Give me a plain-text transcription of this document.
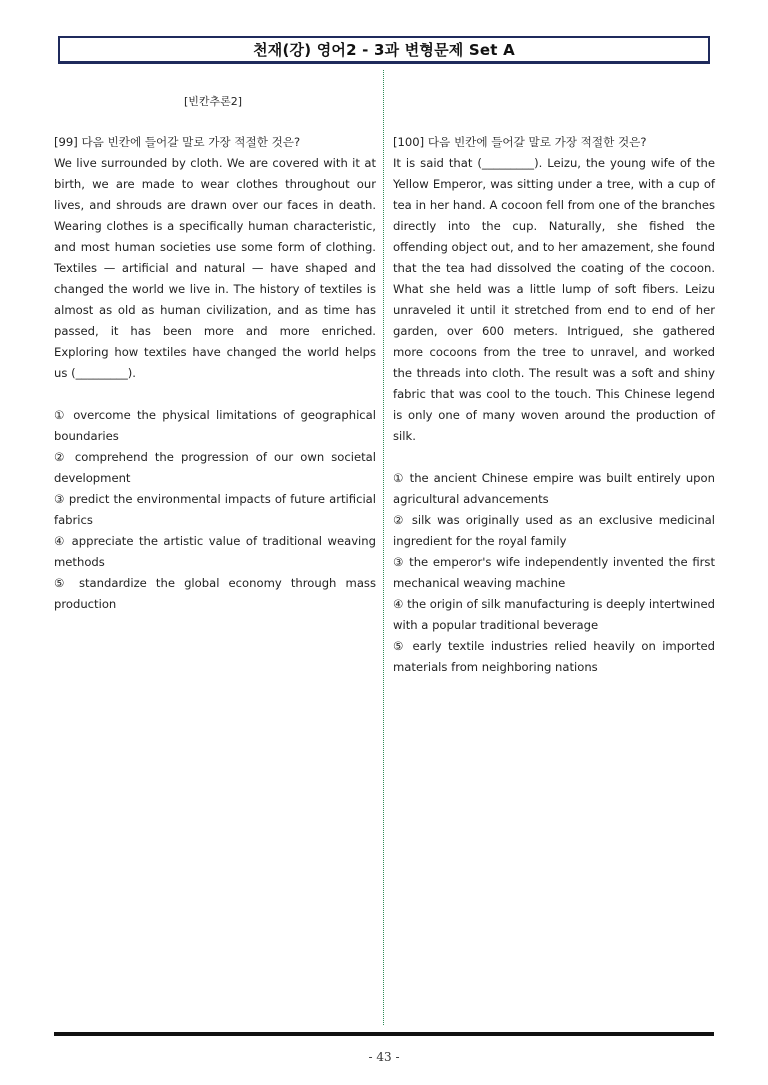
천재(강) 영어2 - 3과 변형문제 Set A
[빈칸추론2]
[99] 다음 빈칸에 들어갈 말로 가장 적절한 것은?
We live surrounded by cloth. We are covered with it at birth, we are made to wear clothes throughout our lives, and shrouds are drawn over our faces in death. Wearing clothes is a specifically human characteristic, and most human societies use some form of clothing. Textiles — artificial and natural — have shaped and changed the world we live in. The history of textiles is almost as old as human civilization, and as time has passed, it has been more and more enriched. Exploring how textiles have changed the world helps us (_________).
① overcome the physical limitations of geographical boundaries
② comprehend the progression of our own societal development
③ predict the environmental impacts of future artificial fabrics
④ appreciate the artistic value of traditional weaving methods
⑤ standardize the global economy through mass production
[100] 다음 빈칸에 들어갈 말로 가장 적절한 것은?
It is said that (_________). Leizu, the young wife of the Yellow Emperor, was sitting under a tree, with a cup of tea in her hand. A cocoon fell from one of the branches directly into the cup. Naturally, she fished the offending object out, and to her amazement, she found that the tea had dissolved the coating of the cocoon. What she held was a little lump of soft fibers. Leizu unraveled it until it stretched from end to end of her garden, over 600 meters. Intrigued, she gathered more cocoons from the tree to unravel, and worked the threads into cloth. The result was a soft and shiny fabric that was cool to the touch. This Chinese legend is only one of many woven around the production of silk.
① the ancient Chinese empire was built entirely upon agricultural advancements
② silk was originally used as an exclusive medicinal ingredient for the royal family
③ the emperor's wife independently invented the first mechanical weaving machine
④ the origin of silk manufacturing is deeply intertwined with a popular traditional beverage
⑤ early textile industries relied heavily on imported materials from neighboring nations
- 43 -
